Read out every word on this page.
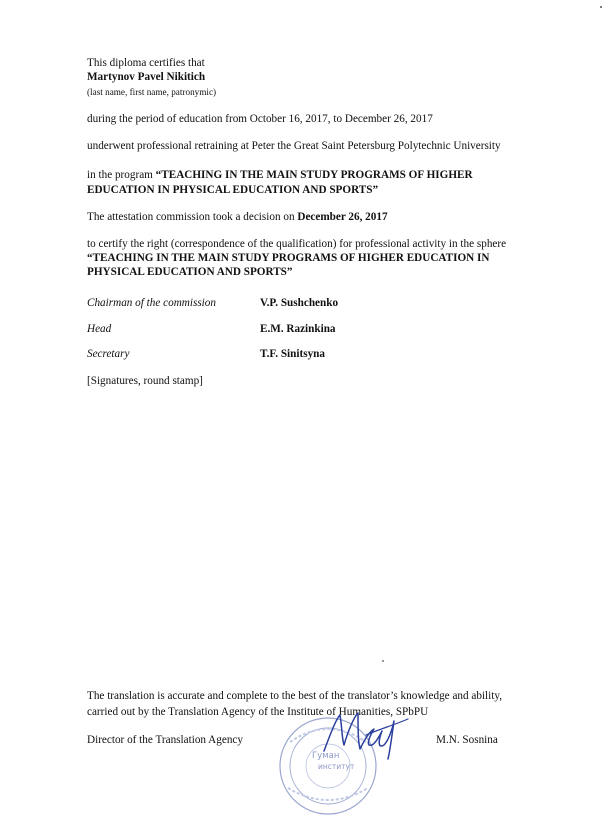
This diploma certifies that
Martynov Pavel Nikitich
(last name, first name, patronymic)
during the period of education from October 16, 2017, to December 26, 2017
underwent professional retraining at Peter the Great Saint Petersburg Polytechnic University
in the program “TEACHING IN THE MAIN STUDY PROGRAMS OF HIGHER
EDUCATION IN PHYSICAL EDUCATION AND SPORTS”
The attestation commission took a decision on December 26, 2017
to certify the right (correspondence of the qualification) for professional activity in the sphere
“TEACHING IN THE MAIN STUDY PROGRAMS OF HIGHER EDUCATION IN
PHYSICAL EDUCATION AND SPORTS”
Chairman of the commission	V.P. Sushchenko
Head	E.M. Razinkina
Secretary	T.F. Sinitsyna
[Signatures, round stamp]
The translation is accurate and complete to the best of the translator’s knowledge and ability,
carried out by the Translation Agency of the Institute of Humanities, SPbPU
Гуман
институт
Director of the Translation Agency	M.N. Sosnina
